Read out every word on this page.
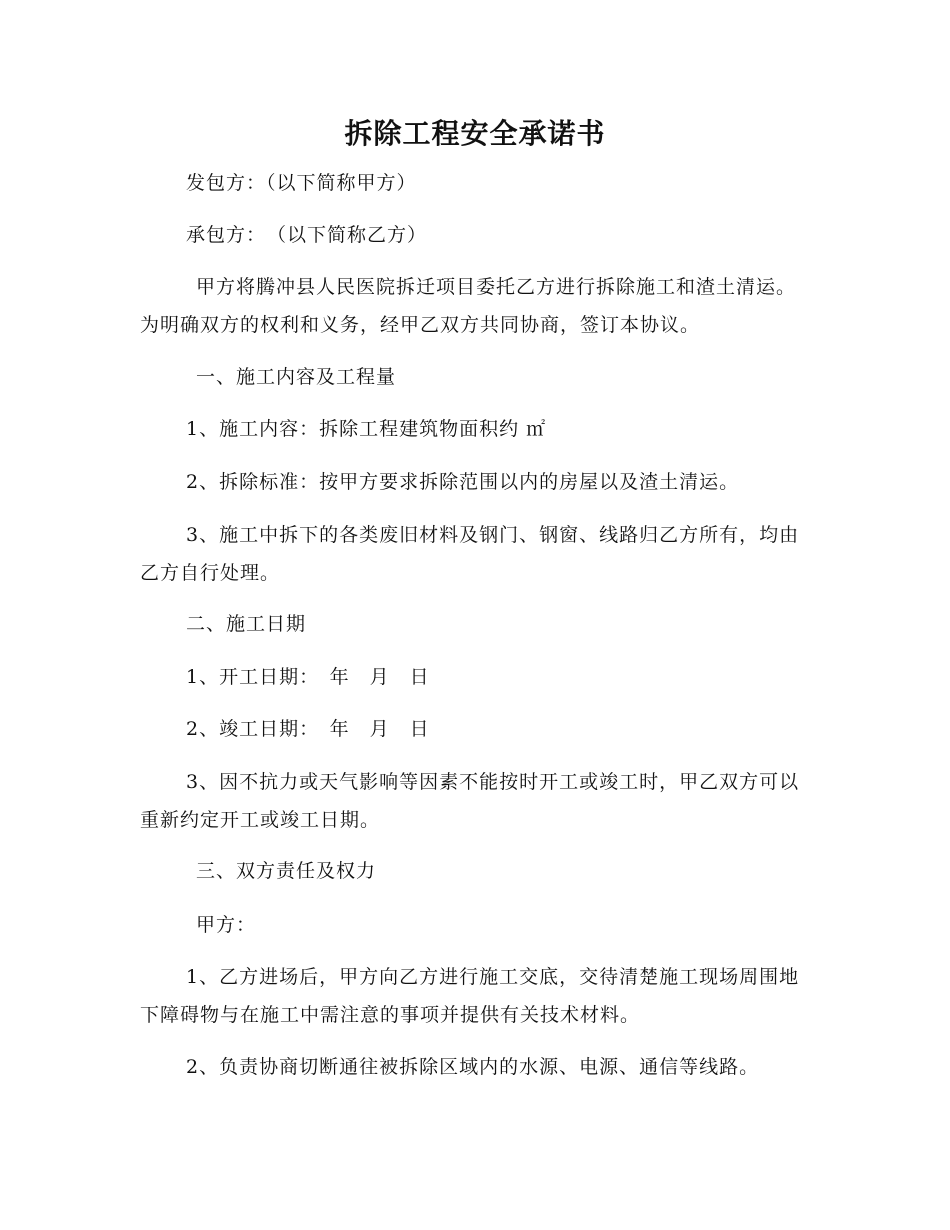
拆除工程安全承诺书

发包方：（以下简称甲方）

承包方：　（以下简称乙方）

甲方将腾冲县人民医院拆迁项目委托乙方进行拆除施工和渣土清运。为明确双方的权利和义务，经甲乙双方共同协商，签订本协议。

一、施工内容及工程量

1、施工内容：拆除工程建筑物面积约 ㎡

2、拆除标准：按甲方要求拆除范围以内的房屋以及渣土清运。

3、施工中拆下的各类废旧材料及钢门、钢窗、线路归乙方所有，均由乙方自行处理。

二、施工日期

1、开工日期：　年　月　日

2、竣工日期：　年　月　日

3、因不抗力或天气影响等因素不能按时开工或竣工时，甲乙双方可以重新约定开工或竣工日期。

三、双方责任及权力

甲方：

1、乙方进场后，甲方向乙方进行施工交底，交待清楚施工现场周围地下障碍物与在施工中需注意的事项并提供有关技术材料。

2、负责协商切断通往被拆除区域内的水源、电源、通信等线路。
